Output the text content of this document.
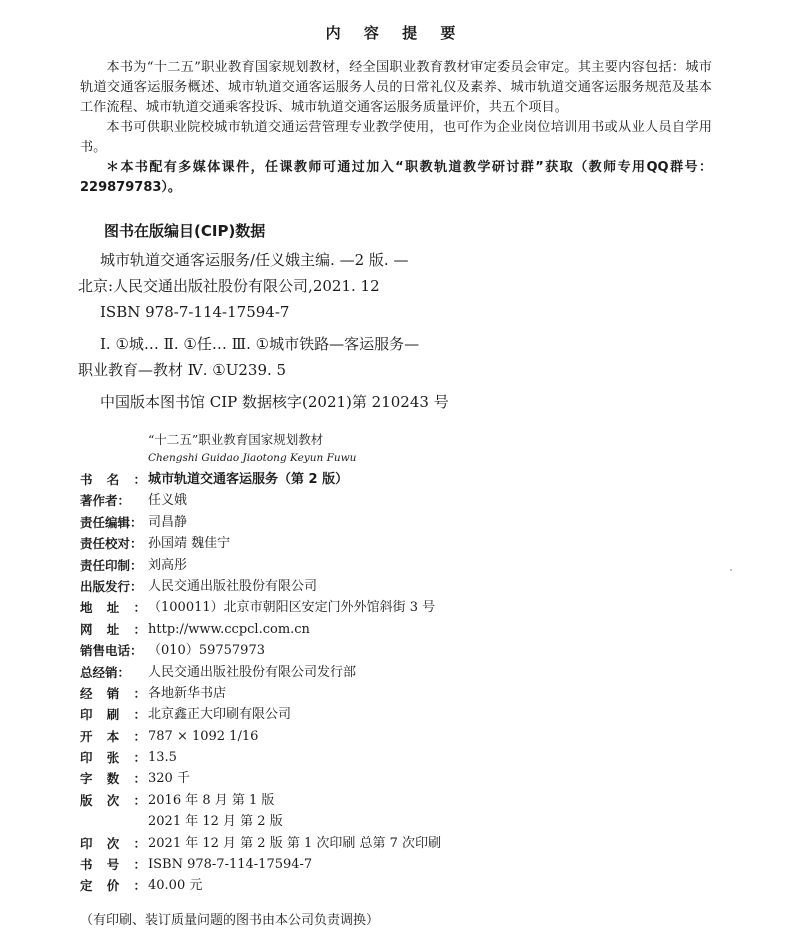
内 容 提 要

本书为“十二五”职业教育国家规划教材，经全国职业教育教材审定委员会审定。其主要内容包括：城市轨道交通客运服务概述、城市轨道交通客运服务人员的日常礼仪及素养、城市轨道交通客运服务规范及基本工作流程、城市轨道交通乘客投诉、城市轨道交通客运服务质量评价，共五个项目。

本书可供职业院校城市轨道交通运营管理专业教学使用，也可作为企业岗位培训用书或从业人员自学用书。

＊本书配有多媒体课件，任课教师可通过加入“职教轨道教学研讨群”获取（教师专用QQ群号：229879783）。

图书在版编目(CIP)数据
城市轨道交通客运服务/任义娥主编. —2 版. —
北京:人民交通出版社股份有限公司,2021. 12
ISBN 978-7-114-17594-7
Ⅰ. ①城… Ⅱ. ①任… Ⅲ. ①城市铁路—客运服务—
职业教育—教材 Ⅳ. ①U239. 5
中国版本图书馆 CIP 数据核字(2021)第 210243 号
“十二五”职业教育国家规划教材
Chengshi Guidao Jiaotong Keyun Fuwu
书 名 ： 城市轨道交通客运服务（第 2 版）
著作者：	任义娥
责任编辑： 司昌静
责任校对： 孙国靖 魏佳宁
责任印制： 刘高彤
出版发行： 人民交通出版社股份有限公司
地 址 ： （100011）北京市朝阳区安定门外外馆斜街 3 号
网 址 ： http://www.ccpcl.com.cn
销售电话： （010）59757973
总经销：	人民交通出版社股份有限公司发行部
经 销 ： 各地新华书店
印 刷 ： 北京鑫正大印刷有限公司
开 本 ： 787 × 1092 1/16
印 张 ： 13.5
字 数 ： 320 千
版 次 ： 2016 年 8 月 第 1 版
2021 年 12 月 第 2 版
印 次 ： 2021 年 12 月 第 2 版 第 1 次印刷 总第 7 次印刷
书 号 ： ISBN 978-7-114-17594-7
定 价 ： 40.00 元
（有印刷、装订质量问题的图书由本公司负责调换）
